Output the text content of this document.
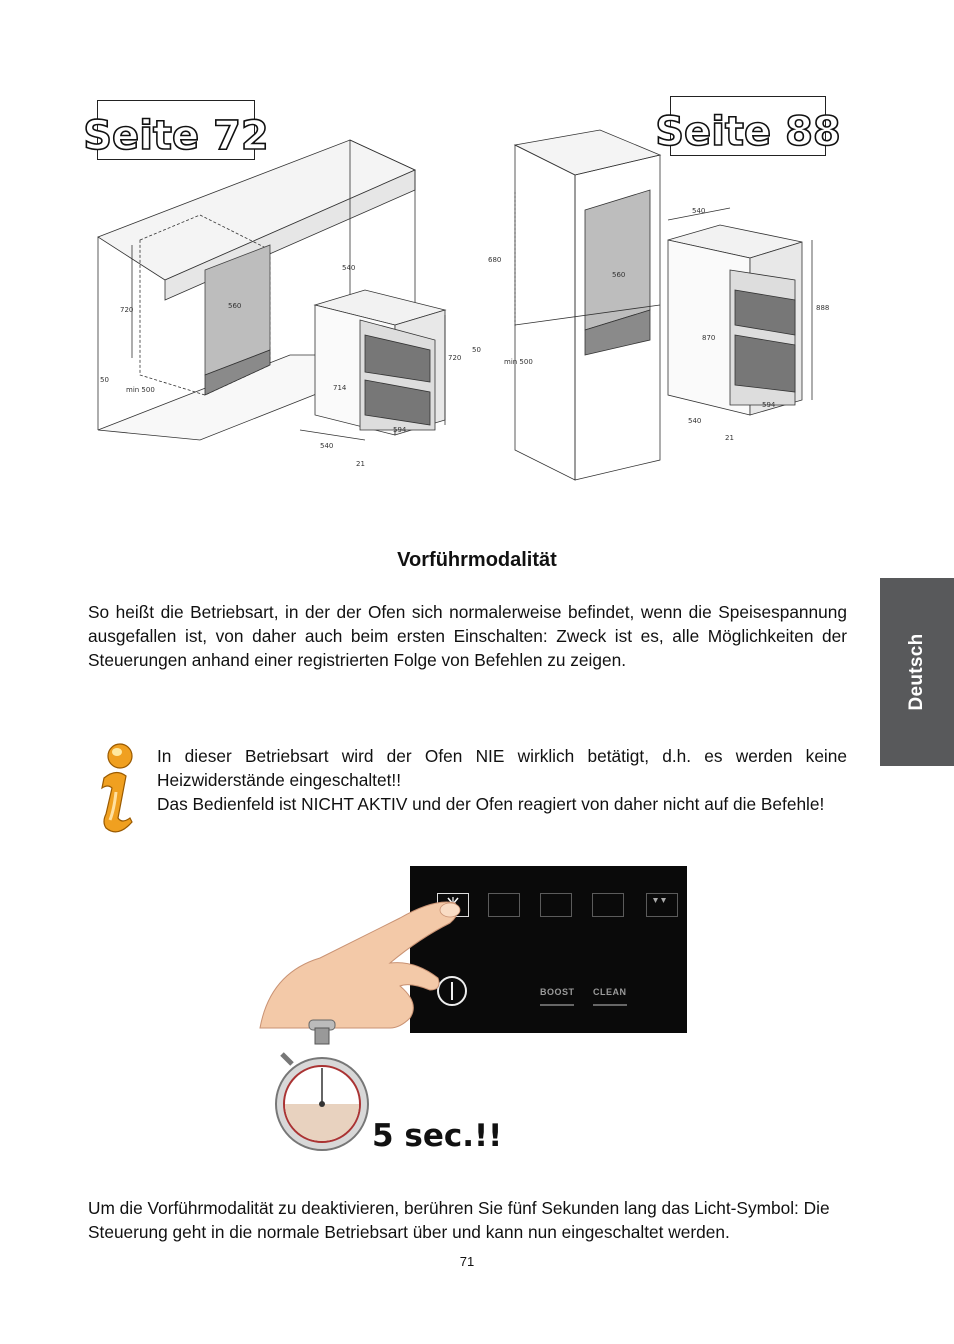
Seite 72	Seite 88
720	560
540
720
714
50
min 500
540
594
21
680
560
540
888
870
50
min 500
540
594
21
Vorführmodalität

So heißt die Betriebsart, in der der Ofen sich normalerweise befindet, wenn die Speisespannung ausgefallen ist, von daher auch beim ersten Einschalten: Zweck ist es, alle Möglichkeiten der Steuerungen anhand einer registrierten Folge von Befehlen zu zeigen.

In dieser Betriebsart wird der Ofen NIE wirklich betätigt, d.h. es werden keine Heizwiderstände eingeschaltet!!

Das Bedienfeld ist NICHT AKTIV und der Ofen reagiert von daher nicht auf die Befehle!

Deutsch
BOOST CLEAN
5 sec.!!

Um die Vorführmodalität zu deaktivieren, berühren Sie fünf Sekunden lang das Licht-Symbol: Die Steuerung geht in die normale Betriebsart über und kann nun eingeschaltet werden.

71
